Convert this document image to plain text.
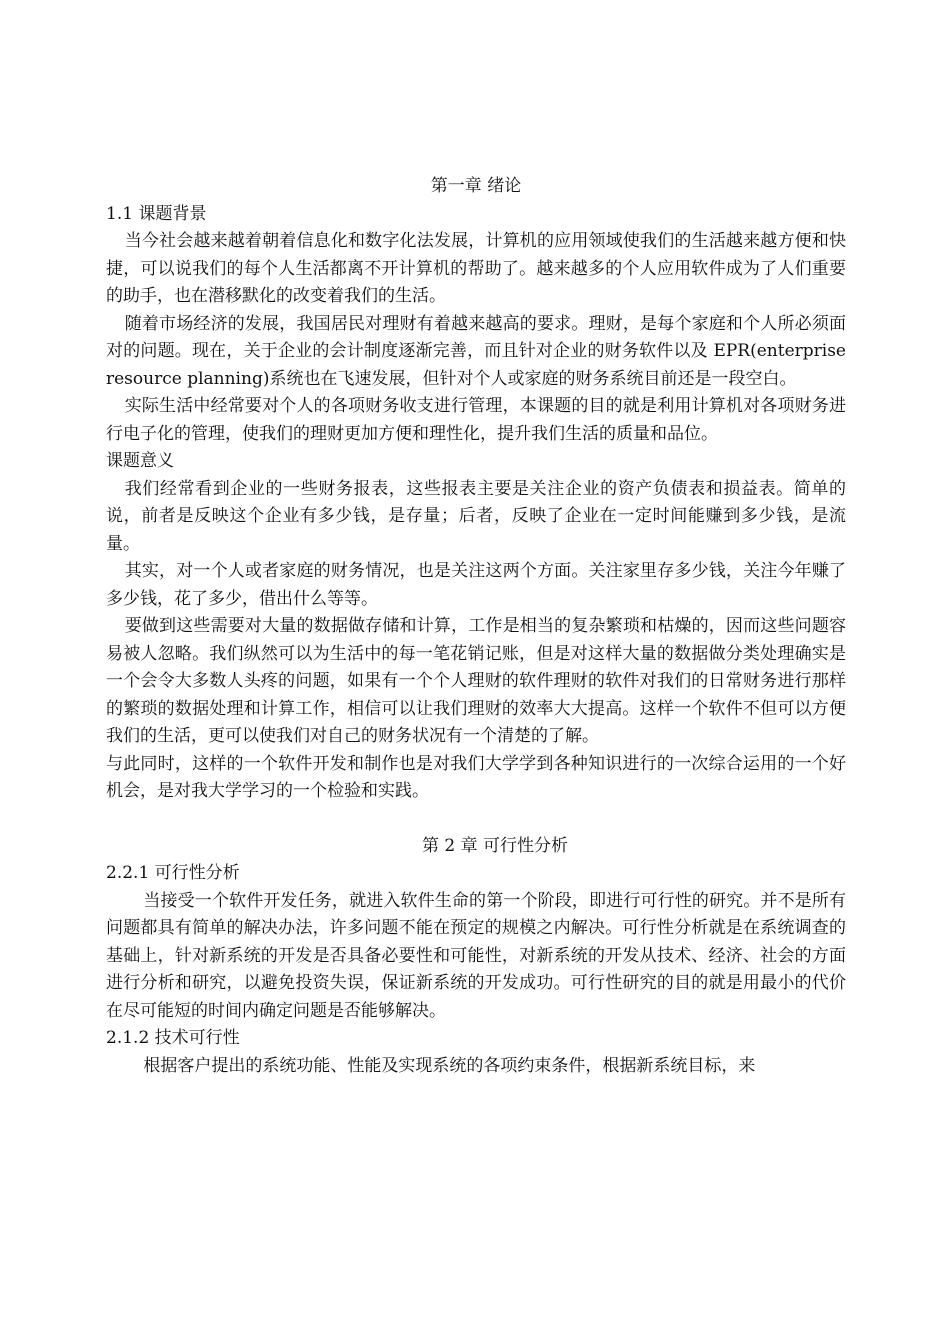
第一章 绪论
1.1 课题背景

当今社会越来越着朝着信息化和数字化法发展，计算机的应用领域使我们的生活越来越方便和快捷，可以说我们的每个人生活都离不开计算机的帮助了。越来越多的个人应用软件成为了人们重要的助手，也在潜移默化的改变着我们的生活。

随着市场经济的发展，我国居民对理财有着越来越高的要求。理财，是每个家庭和个人所必须面对的问题。现在，关于企业的会计制度逐渐完善，而且针对企业的财务软件以及 EPR(enterprise resource planning)系统也在飞速发展，但针对个人或家庭的财务系统目前还是一段空白。

实际生活中经常要对个人的各项财务收支进行管理，本课题的目的就是利用计算机对各项财务进行电子化的管理，使我们的理财更加方便和理性化，提升我们生活的质量和品位。

课题意义

我们经常看到企业的一些财务报表，这些报表主要是关注企业的资产负债表和损益表。简单的说，前者是反映这个企业有多少钱，是存量；后者，反映了企业在一定时间能赚到多少钱，是流量。

其实，对一个人或者家庭的财务情况，也是关注这两个方面。关注家里存多少钱，关注今年赚了多少钱，花了多少，借出什么等等。

要做到这些需要对大量的数据做存储和计算，工作是相当的复杂繁琐和枯燥的，因而这些问题容易被人忽略。我们纵然可以为生活中的每一笔花销记账，但是对这样大量的数据做分类处理确实是一个会令大多数人头疼的问题，如果有一个个人理财的软件理财的软件对我们的日常财务进行那样的繁琐的数据处理和计算工作，相信可以让我们理财的效率大大提高。这样一个软件不但可以方便我们的生活，更可以使我们对自己的财务状况有一个清楚的了解。

与此同时，这样的一个软件开发和制作也是对我们大学学到各种知识进行的一次综合运用的一个好机会，是对我大学学习的一个检验和实践。

第 2 章 可行性分析
2.2.1 可行性分析

当接受一个软件开发任务，就进入软件生命的第一个阶段，即进行可行性的研究。并不是所有问题都具有简单的解决办法，许多问题不能在预定的规模之内解决。可行性分析就是在系统调查的基础上，针对新系统的开发是否具备必要性和可能性，对新系统的开发从技术、经济、社会的方面进行分析和研究，以避免投资失误，保证新系统的开发成功。可行性研究的目的就是用最小的代价在尽可能短的时间内确定问题是否能够解决。

2.1.2 技术可行性

根据客户提出的系统功能、性能及实现系统的各项约束条件，根据新系统目标，来
